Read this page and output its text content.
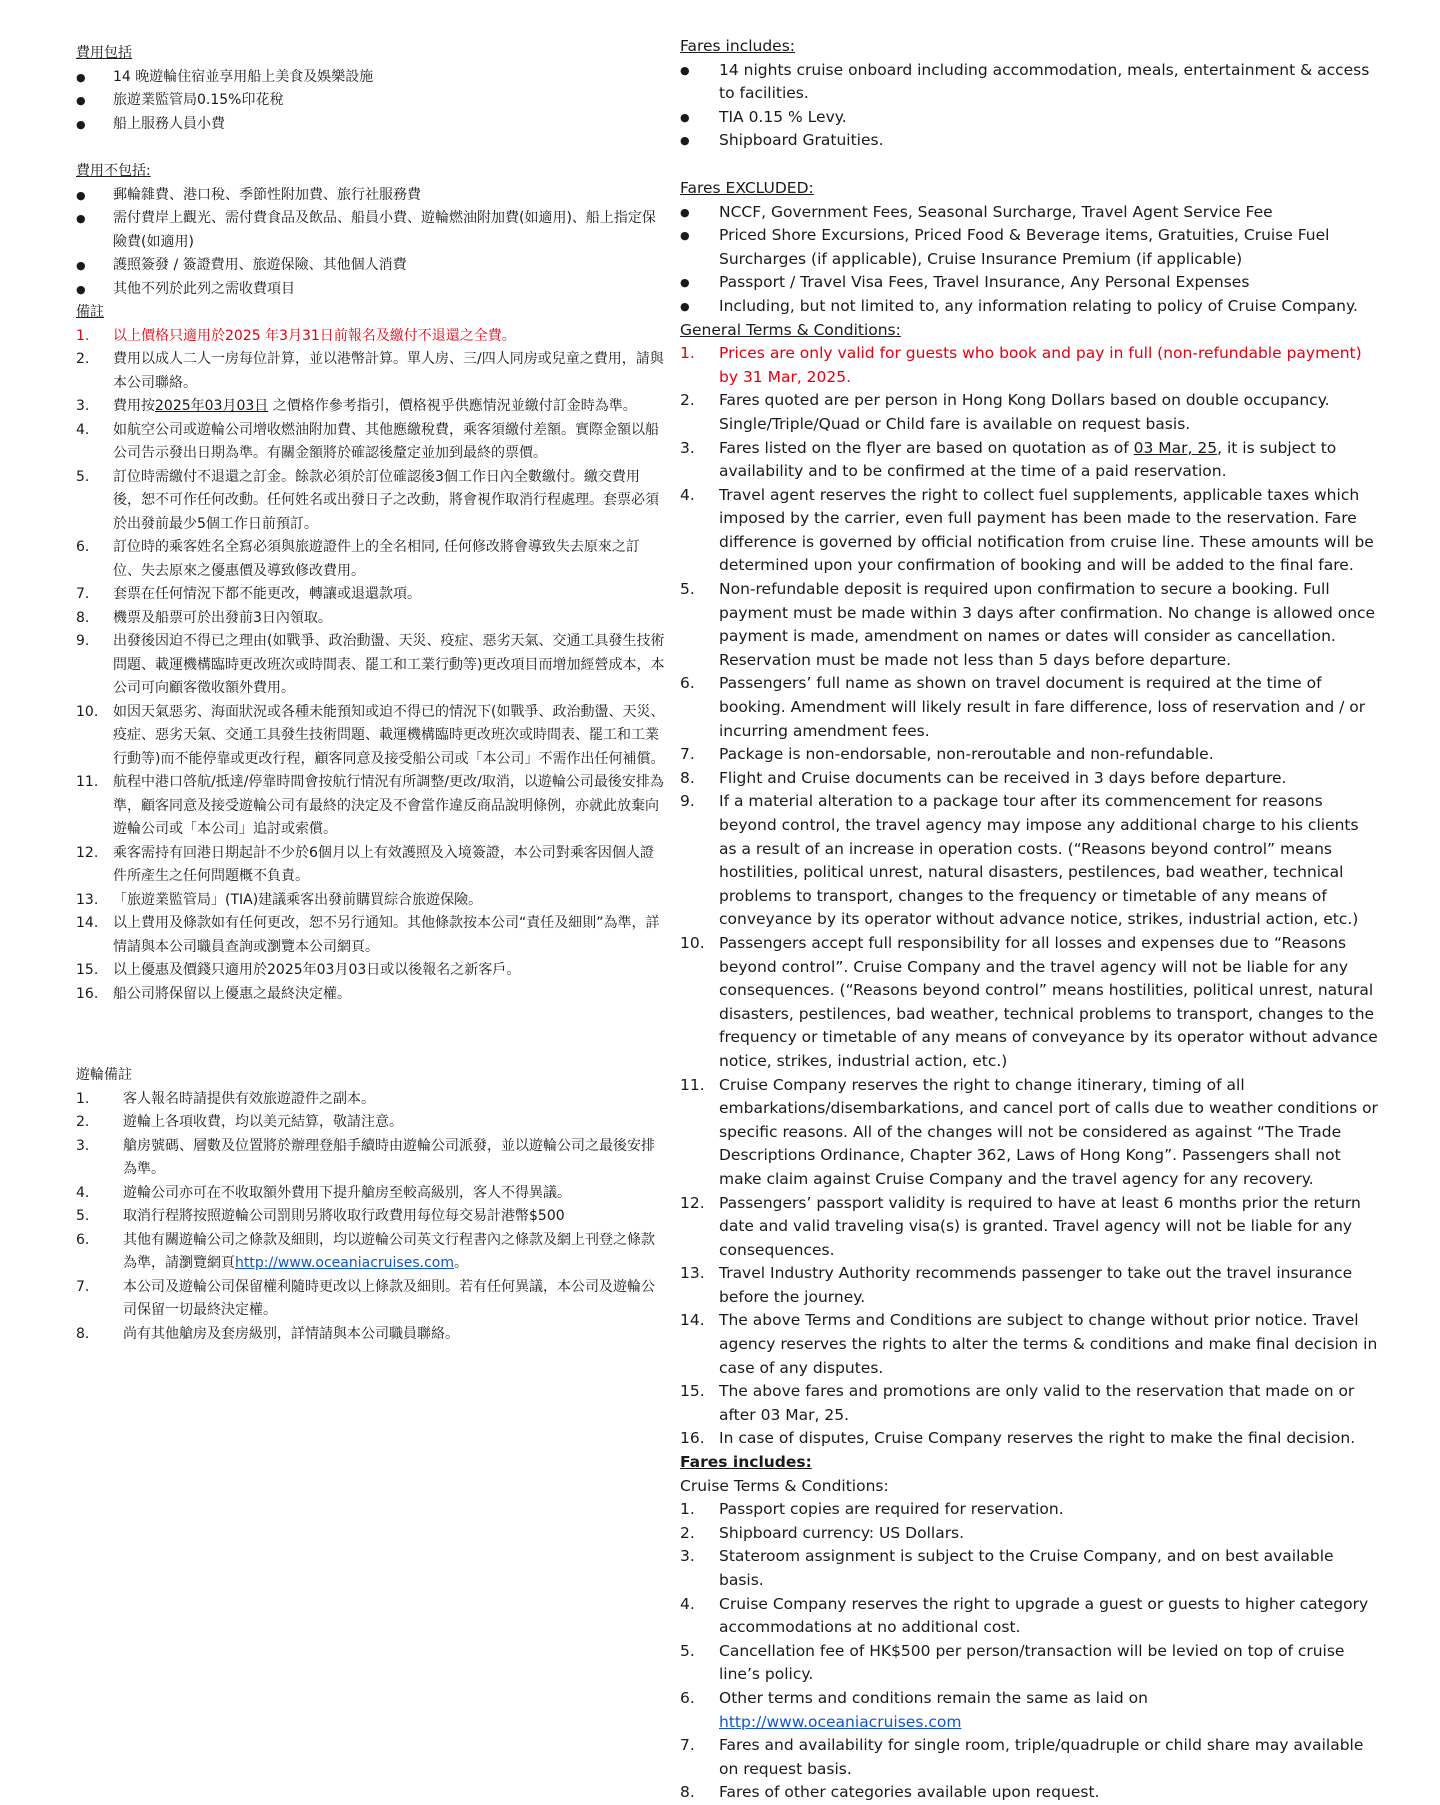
費用包括
●	14 晚遊輪住宿並享用船上美食及娛樂設施
●	旅遊業監管局0.15%印花稅
●	船上服務人員小費
費用不包括:
●	郵輪雜費、港口稅、季節性附加費、旅行社服務費
●	需付費岸上觀光、需付費食品及飲品、船員小費、遊輪燃油附加費(如適用)、船上指定保險費(如適用)
●	護照簽發 / 簽證費用、旅遊保險、其他個人消費
●	其他不列於此列之需收費項目
備註
1.	以上價格只適用於2025 年3月31日前報名及繳付不退還之全費。
2.	費用以成人二人一房每位計算，並以港幣計算。單人房、三/四人同房或兒童之費用，請與本公司聯絡。
3.	費用按2025年03月03日 之價格作參考指引，價格視乎供應情況並繳付訂金時為準。
4.	如航空公司或遊輪公司增收燃油附加費、其他應繳稅費，乘客須繳付差額。實際金額以船公司告示發出日期為準。有關金額將於確認後釐定並加到最終的票價。
5.	訂位時需繳付不退還之訂金。餘款必須於訂位確認後3個工作日內全數繳付。繳交費用後，恕不可作任何改動。任何姓名或出發日子之改動，將會視作取消行程處理。套票必須於出發前最少5個工作日前預訂。
6.	訂位時的乘客姓名全寫必須與旅遊證件上的全名相同, 任何修改將會導致失去原來之訂位、失去原來之優惠價及導致修改費用。
7.	套票在任何情況下都不能更改，轉讓或退還款項。
8.	機票及船票可於出發前3日內領取。
9.	出發後因迫不得已之理由(如戰爭、政治動盪、天災、疫症、惡劣天氣、交通工具發生技術問題、載運機構臨時更改班次或時間表、罷工和工業行動等)更改項目而增加經營成本，本公司可向顧客徵收額外費用。
10.	如因天氣惡劣、海面狀況或各種未能預知或迫不得已的情況下(如戰爭、政治動盪、天災、疫症、惡劣天氣、交通工具發生技術問題、載運機構臨時更改班次或時間表、罷工和工業行動等)而不能停靠或更改行程，顧客同意及接受船公司或「本公司」不需作出任何補償。
11.	航程中港口啓航/抵達/停靠時間會按航行情況有所調整/更改/取消，以遊輪公司最後安排為準，顧客同意及接受遊輪公司有最終的決定及不會當作違反商品說明條例，亦就此放棄向遊輪公司或「本公司」追討或索償。
12.	乘客需持有回港日期起計不少於6個月以上有效護照及入境簽證，本公司對乘客因個人證件所產生之任何問題概不負責。
13.	「旅遊業監管局」(TIA)建議乘客出發前購買綜合旅遊保險。
14.	以上費用及條款如有任何更改，恕不另行通知。其他條款按本公司“責任及細則”為準，詳情請與本公司職員查詢或瀏覽本公司網頁。
15.	以上優惠及價錢只適用於2025年03月03日或以後報名之新客戶。
16.	船公司將保留以上優惠之最終決定權。
遊輪備註
1.	客人報名時請提供有效旅遊證件之副本。
2.	遊輪上各項收費，均以美元結算，敬請注意。
3.	艙房號碼、層數及位置將於辦理登船手續時由遊輪公司派發，並以遊輪公司之最後安排為準。
4.	遊輪公司亦可在不收取額外費用下提升艙房至較高級別，客人不得異議。
5.	取消行程將按照遊輪公司罰則另將收取行政費用每位每交易計港幣$500
6.	其他有關遊輪公司之條款及細則，均以遊輪公司英文行程書內之條款及網上刊登之條款為準，請瀏覽網頁http://www.oceaniacruises.com。
7.	本公司及遊輪公司保留權利隨時更改以上條款及細則。若有任何異議，本公司及遊輪公司保留一切最終決定權。
8.	尚有其他艙房及套房級別，詳情請與本公司職員聯絡。
Fares includes:
●	14 nights cruise onboard including accommodation, meals, entertainment & access to facilities.
●	TIA 0.15 % Levy.
●	Shipboard Gratuities.
Fares EXCLUDED:
●	NCCF, Government Fees, Seasonal Surcharge, Travel Agent Service Fee
●	Priced Shore Excursions, Priced Food & Beverage items, Gratuities, Cruise Fuel Surcharges (if applicable), Cruise Insurance Premium (if applicable)
●	Passport / Travel Visa Fees, Travel Insurance, Any Personal Expenses
●	Including, but not limited to, any information relating to policy of Cruise Company.
General Terms & Conditions:
1.	Prices are only valid for guests who book and pay in full (non-refundable payment) by 31 Mar, 2025.
2.	Fares quoted are per person in Hong Kong Dollars based on double occupancy. Single/Triple/Quad or Child fare is available on request basis.
3.	Fares listed on the flyer are based on quotation as of 03 Mar, 25, it is subject to availability and to be confirmed at the time of a paid reservation.
4.	Travel agent reserves the right to collect fuel supplements, applicable taxes which imposed by the carrier, even full payment has been made to the reservation. Fare difference is governed by official notification from cruise line. These amounts will be determined upon your confirmation of booking and will be added to the final fare.
5.	Non-refundable deposit is required upon confirmation to secure a booking. Full payment must be made within 3 days after confirmation. No change is allowed once payment is made, amendment on names or dates will consider as cancellation. Reservation must be made not less than 5 days before departure.
6.	Passengers’ full name as shown on travel document is required at the time of booking. Amendment will likely result in fare difference, loss of reservation and / or incurring amendment fees.
7.	Package is non-endorsable, non-reroutable and non-refundable.
8.	Flight and Cruise documents can be received in 3 days before departure.
9.	If a material alteration to a package tour after its commencement for reasons beyond control, the travel agency may impose any additional charge to his clients as a result of an increase in operation costs. (“Reasons beyond control” means hostilities, political unrest, natural disasters, pestilences, bad weather, technical problems to transport, changes to the frequency or timetable of any means of conveyance by its operator without advance notice, strikes, industrial action, etc.)
10. Passengers accept full responsibility for all losses and expenses due to “Reasons beyond control”. Cruise Company and the travel agency will not be liable for any consequences. (“Reasons beyond control” means hostilities, political unrest, natural disasters, pestilences, bad weather, technical problems to transport, changes to the frequency or timetable of any means of conveyance by its operator without advance notice, strikes, industrial action, etc.)
11. Cruise Company reserves the right to change itinerary, timing of all embarkations/disembarkations, and cancel port of calls due to weather conditions or specific reasons. All of the changes will not be considered as against “The Trade Descriptions Ordinance, Chapter 362, Laws of Hong Kong”. Passengers shall not make claim against Cruise Company and the travel agency for any recovery.
12. Passengers’ passport validity is required to have at least 6 months prior the return date and valid traveling visa(s) is granted. Travel agency will not be liable for any consequences.
13. Travel Industry Authority recommends passenger to take out the travel insurance before the journey.
14. The above Terms and Conditions are subject to change without prior notice. Travel agency reserves the rights to alter the terms & conditions and make final decision in case of any disputes.
15. The above fares and promotions are only valid to the reservation that made on or after 03 Mar, 25.
16. In case of disputes, Cruise Company reserves the right to make the final decision.
Fares includes:
Cruise Terms & Conditions:
1.	Passport copies are required for reservation.
2.	Shipboard currency: US Dollars.
3.	Stateroom assignment is subject to the Cruise Company, and on best available basis.
4.	Cruise Company reserves the right to upgrade a guest or guests to higher category accommodations at no additional cost.
5.	Cancellation fee of HK$500 per person/transaction will be levied on top of cruise line’s policy.
6.	Other terms and conditions remain the same as laid on http://www.oceaniacruises.com
7.	Fares and availability for single room, triple/quadruple or child share may available on request basis.
8.	Fares of other categories available upon request.
